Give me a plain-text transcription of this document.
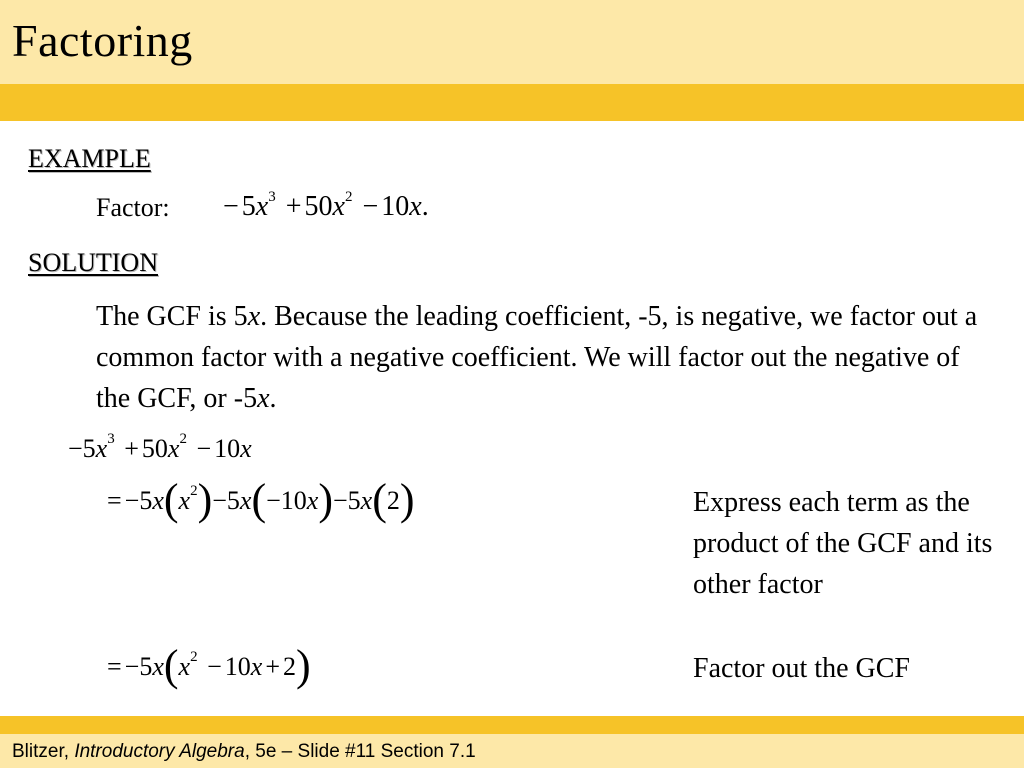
Factoring
EXAMPLE
Factor: − $5x^3 + 50x^2 - 10x$.
SOLUTION

The GCF is 5x. Because the leading coefficient, -5, is negative, we factor out a common factor with a negative coefficient. We will factor out the negative of the GCF, or -5x.

$-5x^3 + 50x^2 - 10x$
= $-5x(x^2)-5x(-10x)-5x(2)$	Express each term as the product of the GCF and its other factor
= $-5x(x^2 - 10x + 2)$	Factor out the GCF
Blitzer, Introductory Algebra, 5e – Slide #11 Section 7.1
